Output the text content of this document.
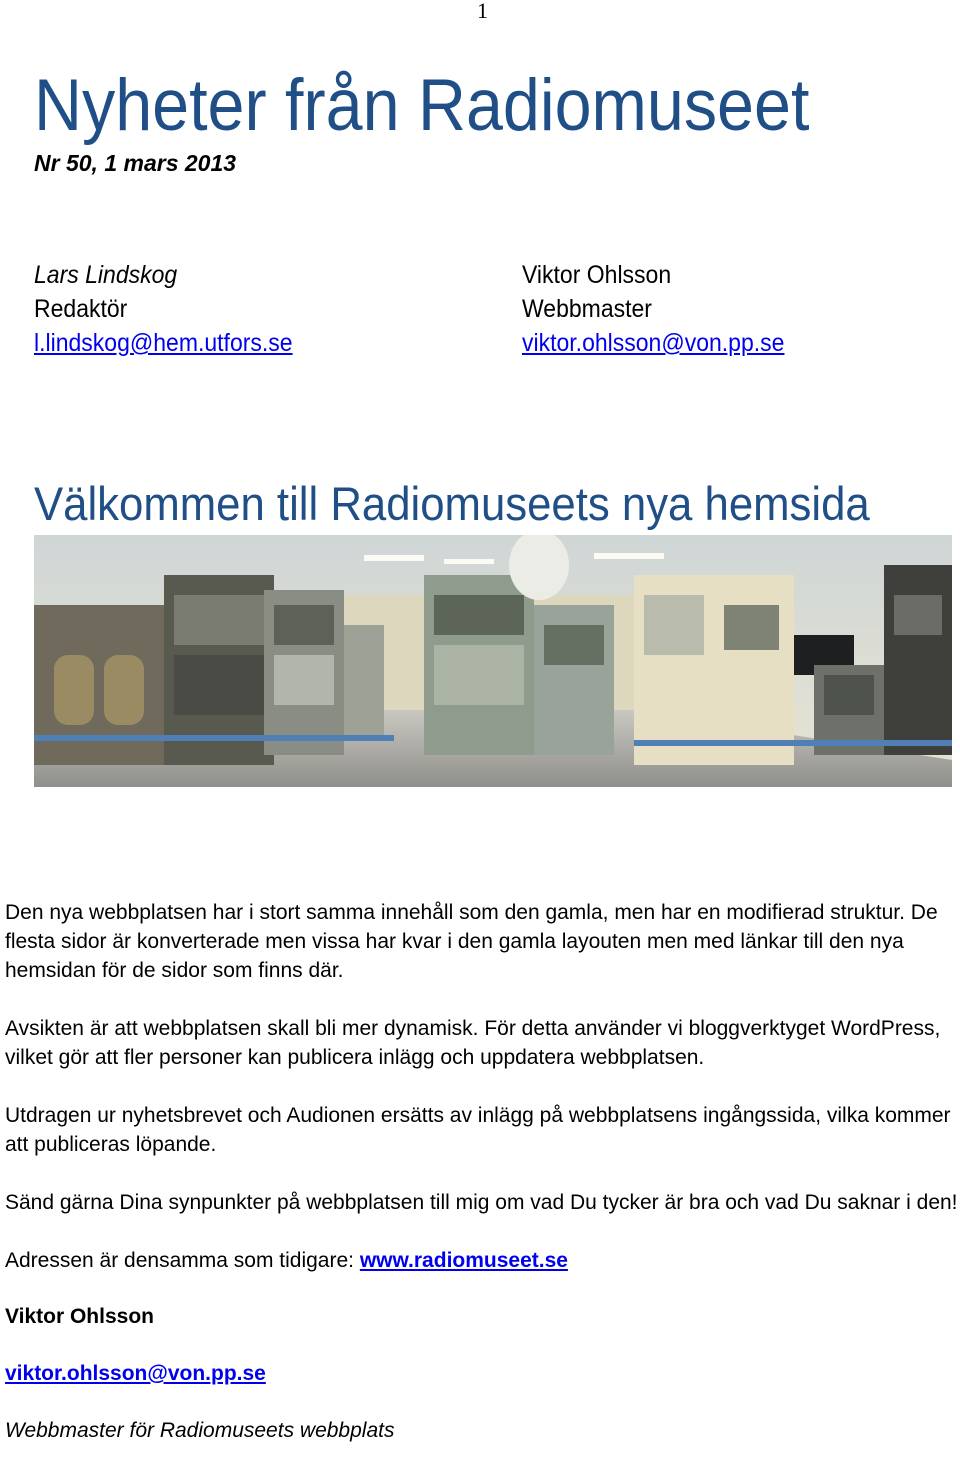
1
Nyheter från Radiomuseet
Nr 50, 1 mars 2013
Lars Lindskog
Redaktör
l.lindskog@hem.utfors.se
Viktor Ohlsson
Webbmaster
viktor.ohlsson@von.pp.se
Välkommen till Radiomuseets nya hemsida

Den nya webbplatsen har i stort samma innehåll som den gamla, men har en modifierad struktur. De flesta sidor är konverterade men vissa har kvar i den gamla layouten men med länkar till den nya hemsidan för de sidor som finns där.

Avsikten är att webbplatsen skall bli mer dynamisk. För detta använder vi bloggverktyget WordPress, vilket gör att fler personer kan publicera inlägg och uppdatera webbplatsen.

Utdragen ur nyhetsbrevet och Audionen ersätts av inlägg på webbplatsens ingångssida, vilka kommer att publiceras löpande.

Sänd gärna Dina synpunkter på webbplatsen till mig om vad Du tycker är bra och vad Du saknar i den!

Adressen är densamma som tidigare: www.radiomuseet.se

Viktor Ohlsson

viktor.ohlsson@von.pp.se

Webbmaster för Radiomuseets webbplats
